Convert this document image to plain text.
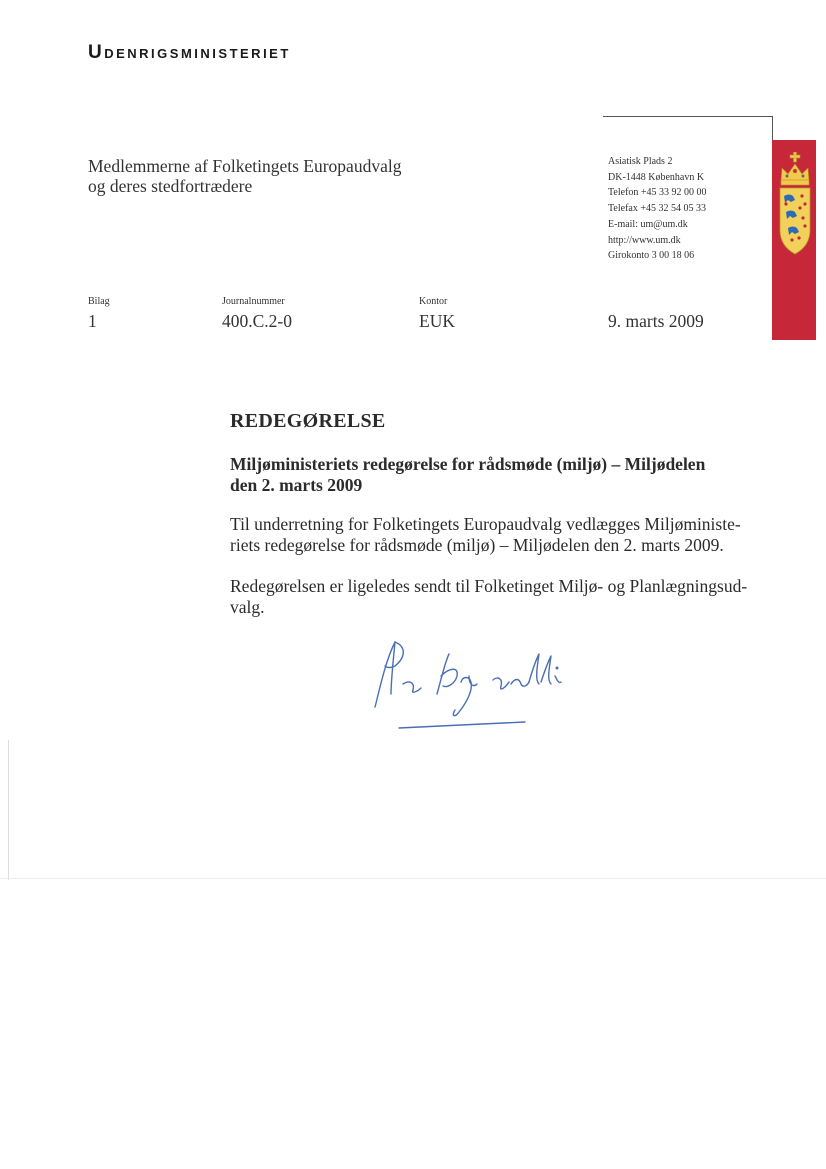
Udenrigsministeriet
Medlemmerne af Folketingets Europaudvalg
og deres stedfortrædere
Asiatisk Plads 2
DK-1448 København K
Telefon +45 33 92 00 00
Telefax +45 32 54 05 33
E-mail: um@um.dk
http://www.um.dk
Girokonto 3 00 18 06
Bilag
1
Journalnummer
400.C.2-0
Kontor
EUK	9. marts 2009
REDEGØRELSE
Miljøministeriets redegørelse for rådsmøde (miljø) – Miljødelen
den 2. marts 2009
Til underretning for Folketingets Europaudvalg vedlægges Miljøministe-
riets redegørelse for rådsmøde (miljø) – Miljødelen den 2. marts 2009.
Redegørelsen er ligeledes sendt til Folketinget Miljø- og Planlægningsud-
valg.
